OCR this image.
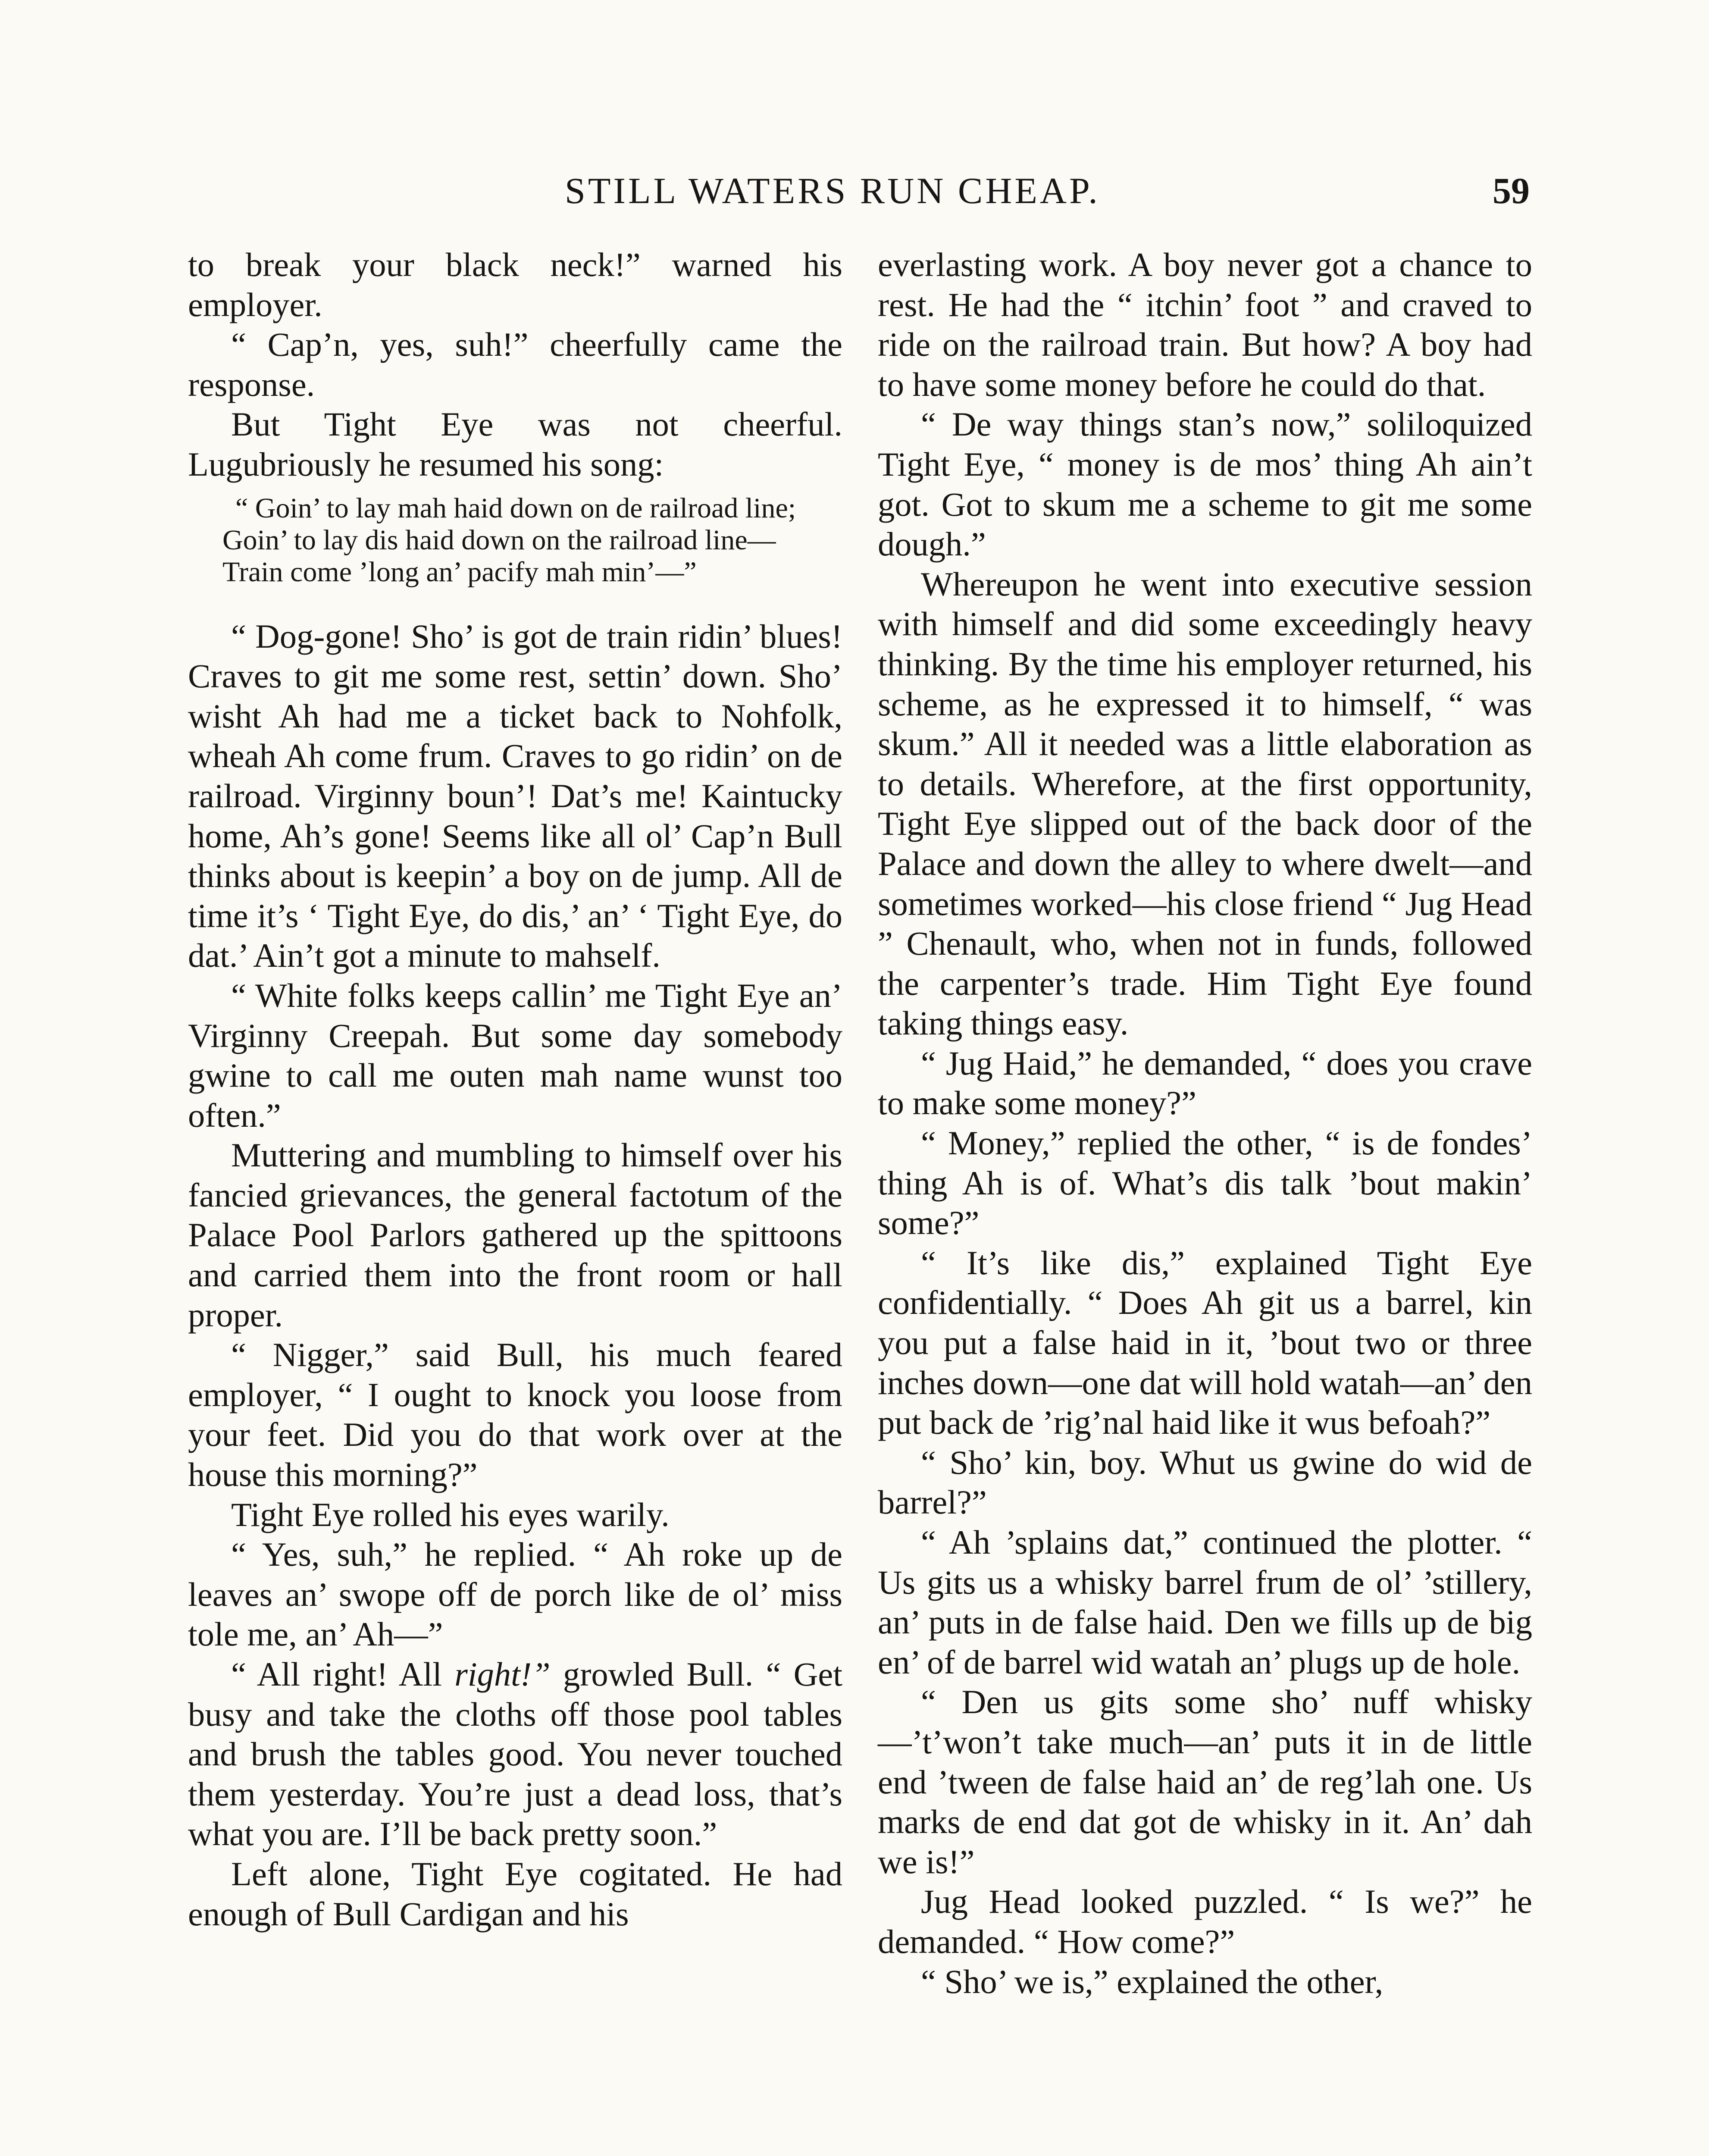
STILL WATERS RUN CHEAP.	59

to break your black neck!” warned his employer.

“ Cap’n, yes, suh!” cheerfully came the response.

But Tight Eye was not cheerful. Lugubriously he resumed his song:

“ Goin’ to lay mah haid down on de railroad line;
Goin’ to lay dis haid down on the railroad line—
Train come ’long an’ pacify mah min’—”

“ Dog-gone! Sho’ is got de train ridin’ blues! Craves to git me some rest, settin’ down. Sho’ wisht Ah had me a ticket back to Nohfolk, wheah Ah come frum. Craves to go ridin’ on de railroad. Virginny boun’! Dat’s me! Kaintucky home, Ah’s gone! Seems like all ol’ Cap’n Bull thinks about is keepin’ a boy on de jump. All de time it’s ‘ Tight Eye, do dis,’ an’ ‘ Tight Eye, do dat.’ Ain’t got a minute to mahself.

“ White folks keeps callin’ me Tight Eye an’ Virginny Creepah. But some day somebody gwine to call me outen mah name wunst too often.”

Muttering and mumbling to himself over his fancied grievances, the general factotum of the Palace Pool Parlors gathered up the spittoons and carried them into the front room or hall proper.

“ Nigger,” said Bull, his much feared employer, “ I ought to knock you loose from your feet. Did you do that work over at the house this morning?”

Tight Eye rolled his eyes warily.

“ Yes, suh,” he replied. “ Ah roke up de leaves an’ swope off de porch like de ol’ miss tole me, an’ Ah—”

“ All right! All right!” growled Bull. “ Get busy and take the cloths off those pool tables and brush the tables good. You never touched them yesterday. You’re just a dead loss, that’s what you are. I’ll be back pretty soon.”

Left alone, Tight Eye cogitated. He had enough of Bull Cardigan and his

everlasting work. A boy never got a chance to rest. He had the “ itchin’ foot ” and craved to ride on the railroad train. But how? A boy had to have some money before he could do that.

“ De way things stan’s now,” soliloquized Tight Eye, “ money is de mos’ thing Ah ain’t got. Got to skum me a scheme to git me some dough.”

Whereupon he went into executive session with himself and did some exceedingly heavy thinking. By the time his employer returned, his scheme, as he expressed it to himself, “ was skum.” All it needed was a little elaboration as to details. Wherefore, at the first opportunity, Tight Eye slipped out of the back door of the Palace and down the alley to where dwelt—and sometimes worked—his close friend “ Jug Head ” Chenault, who, when not in funds, followed the carpenter’s trade. Him Tight Eye found taking things easy.

“ Jug Haid,” he demanded, “ does you crave to make some money?”

“ Money,” replied the other, “ is de fondes’ thing Ah is of. What’s dis talk ’bout makin’ some?”

“ It’s like dis,” explained Tight Eye confidentially. “ Does Ah git us a barrel, kin you put a false haid in it, ’bout two or three inches down—one dat will hold watah—an’ den put back de ’rig’nal haid like it wus befoah?”

“ Sho’ kin, boy. Whut us gwine do wid de barrel?”

“ Ah ’splains dat,” continued the plotter. “ Us gits us a whisky barrel frum de ol’ ’stillery, an’ puts in de false haid. Den we fills up de big en’ of de barrel wid watah an’ plugs up de hole.

“ Den us gits some sho’ nuff whisky—’t’won’t take much—an’ puts it in de little end ’tween de false haid an’ de reg’lah one. Us marks de end dat got de whisky in it. An’ dah we is!”

Jug Head looked puzzled. “ Is we?” he demanded. “ How come?”

“ Sho’ we is,” explained the other,
